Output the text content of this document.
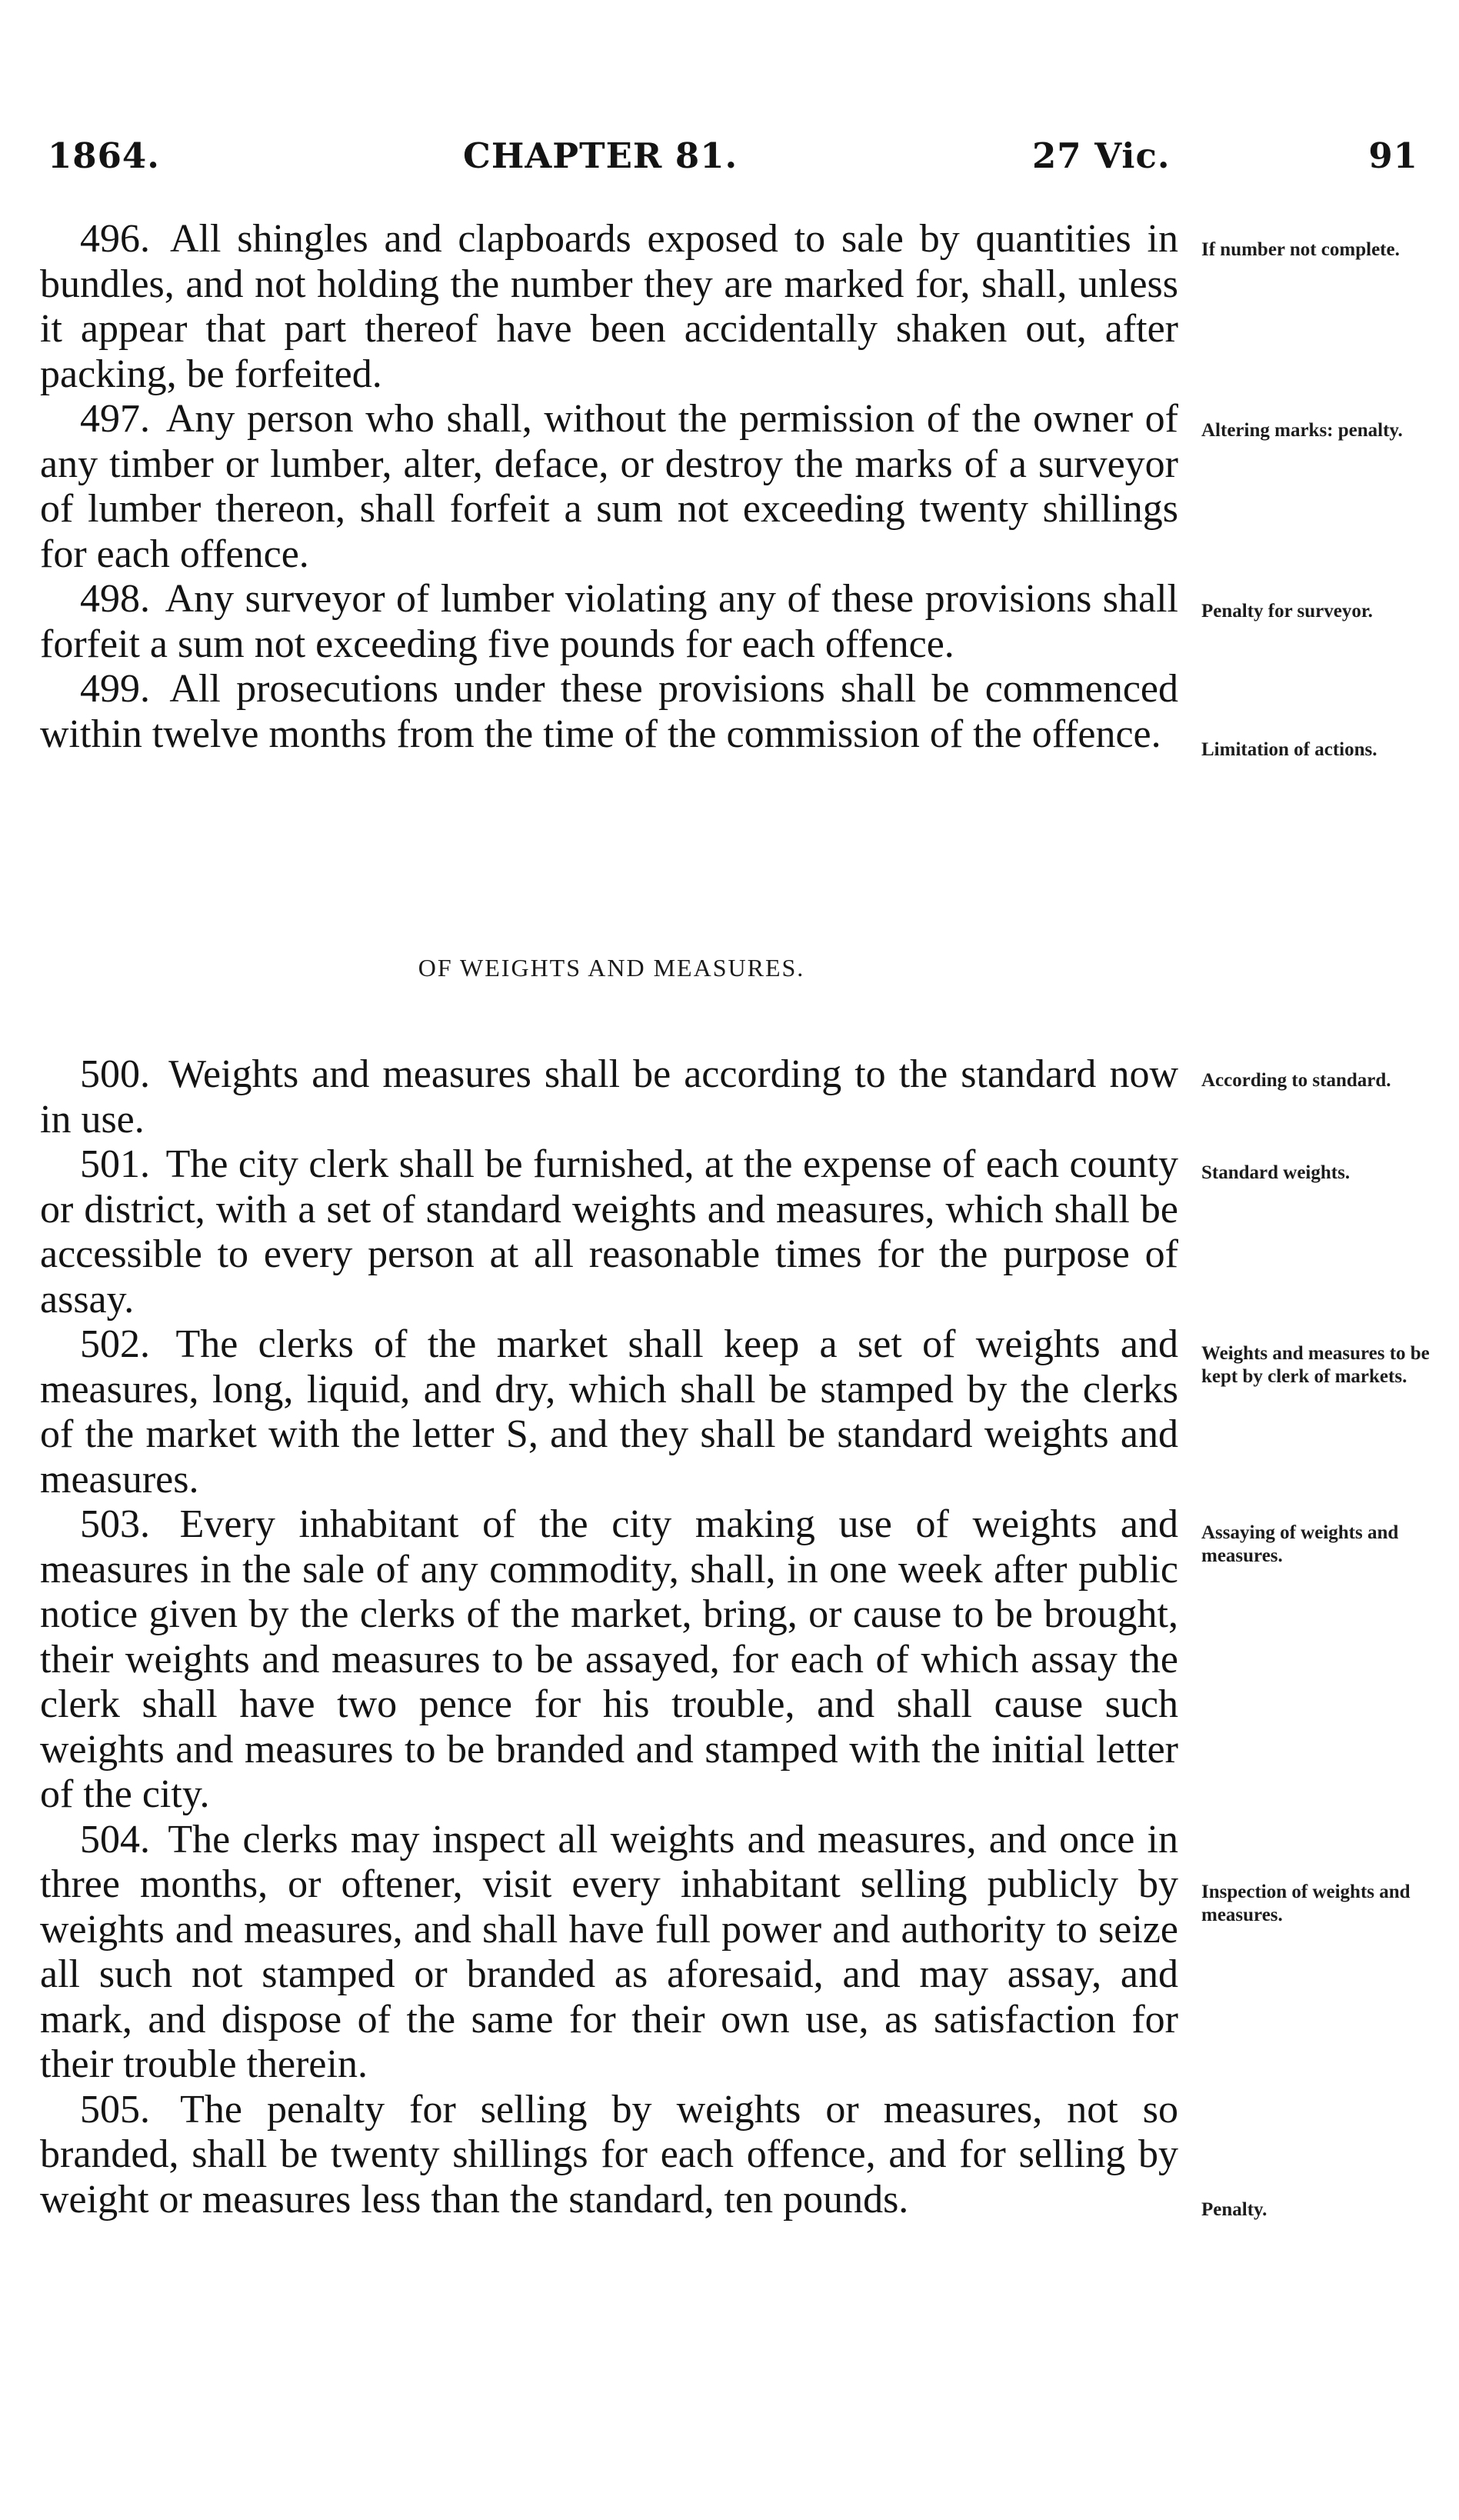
1864.	CHAPTER 81.	27 Vic.	91

496. All shingles and clapboards exposed to sale by quantities in bundles, and not holding the number they are marked for, shall, unless it appear that part thereof have been accidentally shaken out, after packing, be forfeited.

497. Any person who shall, without the permission of the owner of any timber or lumber, alter, deface, or destroy the marks of a surveyor of lumber thereon, shall forfeit a sum not exceeding twenty shillings for each offence.

498. Any surveyor of lumber violating any of these provisions shall forfeit a sum not exceeding five pounds for each offence.

499. All prosecutions under these provisions shall be commenced within twelve months from the time of the commission of the offence.

If number not complete.
Altering marks: penalty.
Penalty for surveyor.
Limitation of actions.
OF WEIGHTS AND MEASURES.

500. Weights and measures shall be according to the standard now in use.

501. The city clerk shall be furnished, at the expense of each county or district, with a set of standard weights and measures, which shall be accessible to every person at all reasonable times for the purpose of assay.

502. The clerks of the market shall keep a set of weights and measures, long, liquid, and dry, which shall be stamped by the clerks of the market with the letter S, and they shall be standard weights and measures.

503. Every inhabitant of the city making use of weights and measures in the sale of any commodity, shall, in one week after public notice given by the clerks of the market, bring, or cause to be brought, their weights and measures to be assayed, for each of which assay the clerk shall have two pence for his trouble, and shall cause such weights and measures to be branded and stamped with the initial letter of the city.

504. The clerks may inspect all weights and measures, and once in three months, or oftener, visit every inhabitant selling publicly by weights and measures, and shall have full power and authority to seize all such not stamped or branded as aforesaid, and may assay, and mark, and dispose of the same for their own use, as satisfaction for their trouble therein.

505. The penalty for selling by weights or measures, not so branded, shall be twenty shillings for each offence, and for selling by weight or measures less than the standard, ten pounds.

According to standard.
Standard weights.
Weights and measures to be kept by clerk of markets.
Assaying of weights and measures.
Inspection of weights and measures.
Penalty.
